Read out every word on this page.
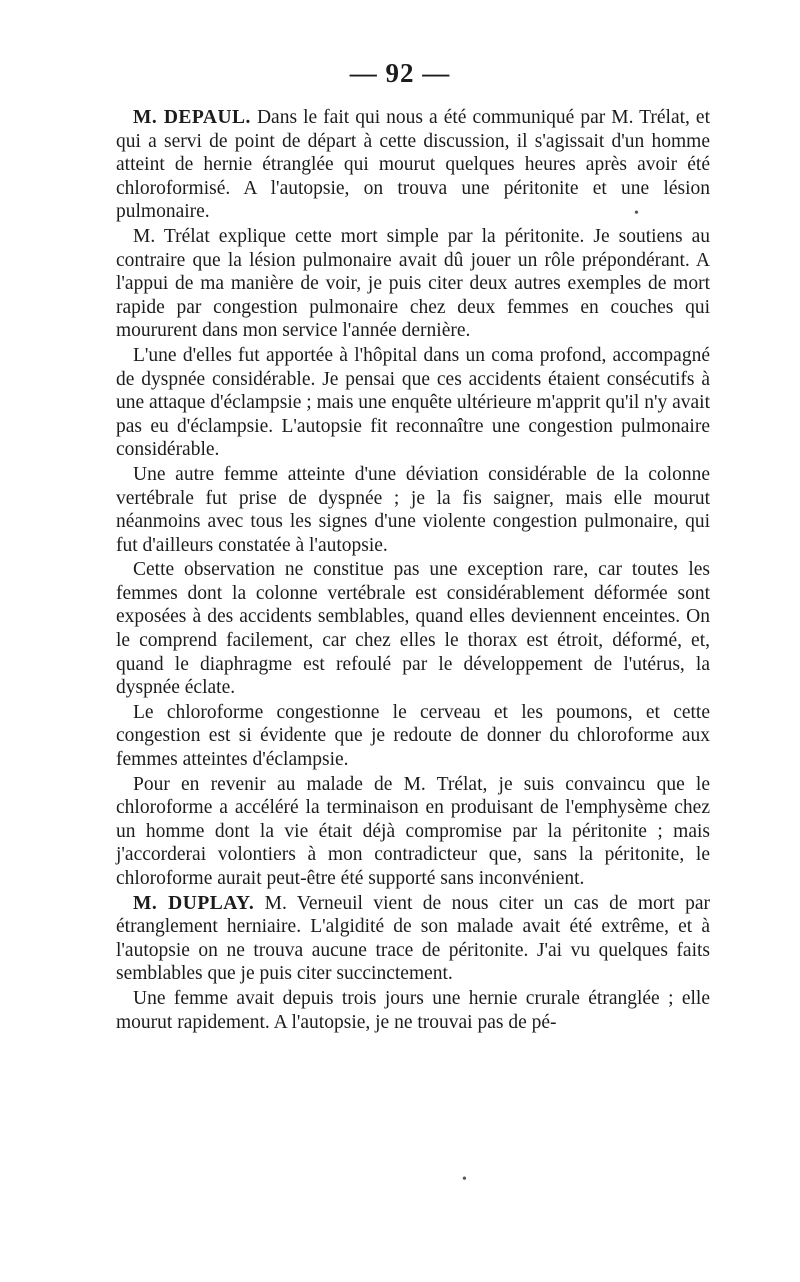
— 92 —

M. DEPAUL. Dans le fait qui nous a été communiqué par M. Trélat, et qui a servi de point de départ à cette discussion, il s'agissait d'un homme atteint de hernie étranglée qui mourut quelques heures après avoir été chloroformisé. A l'autopsie, on trouva une péritonite et une lésion pulmonaire.

M. Trélat explique cette mort simple par la péritonite. Je soutiens au contraire que la lésion pulmonaire avait dû jouer un rôle prépondérant. A l'appui de ma manière de voir, je puis citer deux autres exemples de mort rapide par congestion pulmonaire chez deux femmes en couches qui moururent dans mon service l'année dernière.

L'une d'elles fut apportée à l'hôpital dans un coma profond, accompagné de dyspnée considérable. Je pensai que ces accidents étaient consécutifs à une attaque d'éclampsie ; mais une enquête ultérieure m'apprit qu'il n'y avait pas eu d'éclampsie. L'autopsie fit reconnaître une congestion pulmonaire considérable.

Une autre femme atteinte d'une déviation considérable de la colonne vertébrale fut prise de dyspnée ; je la fis saigner, mais elle mourut néanmoins avec tous les signes d'une violente congestion pulmonaire, qui fut d'ailleurs constatée à l'autopsie.

Cette observation ne constitue pas une exception rare, car toutes les femmes dont la colonne vertébrale est considérablement déformée sont exposées à des accidents semblables, quand elles deviennent enceintes. On le comprend facilement, car chez elles le thorax est étroit, déformé, et, quand le diaphragme est refoulé par le développement de l'utérus, la dyspnée éclate.

Le chloroforme congestionne le cerveau et les poumons, et cette congestion est si évidente que je redoute de donner du chloroforme aux femmes atteintes d'éclampsie.

Pour en revenir au malade de M. Trélat, je suis convaincu que le chloroforme a accéléré la terminaison en produisant de l'emphysème chez un homme dont la vie était déjà compromise par la péritonite ; mais j'accorderai volontiers à mon contradicteur que, sans la péritonite, le chloroforme aurait peut-être été supporté sans inconvénient.

M. DUPLAY. M. Verneuil vient de nous citer un cas de mort par étranglement herniaire. L'algidité de son malade avait été extrême, et à l'autopsie on ne trouva aucune trace de péritonite. J'ai vu quelques faits semblables que je puis citer succinctement.

Une femme avait depuis trois jours une hernie crurale étranglée ; elle mourut rapidement. A l'autopsie, je ne trouvai pas de pé-

•
•
